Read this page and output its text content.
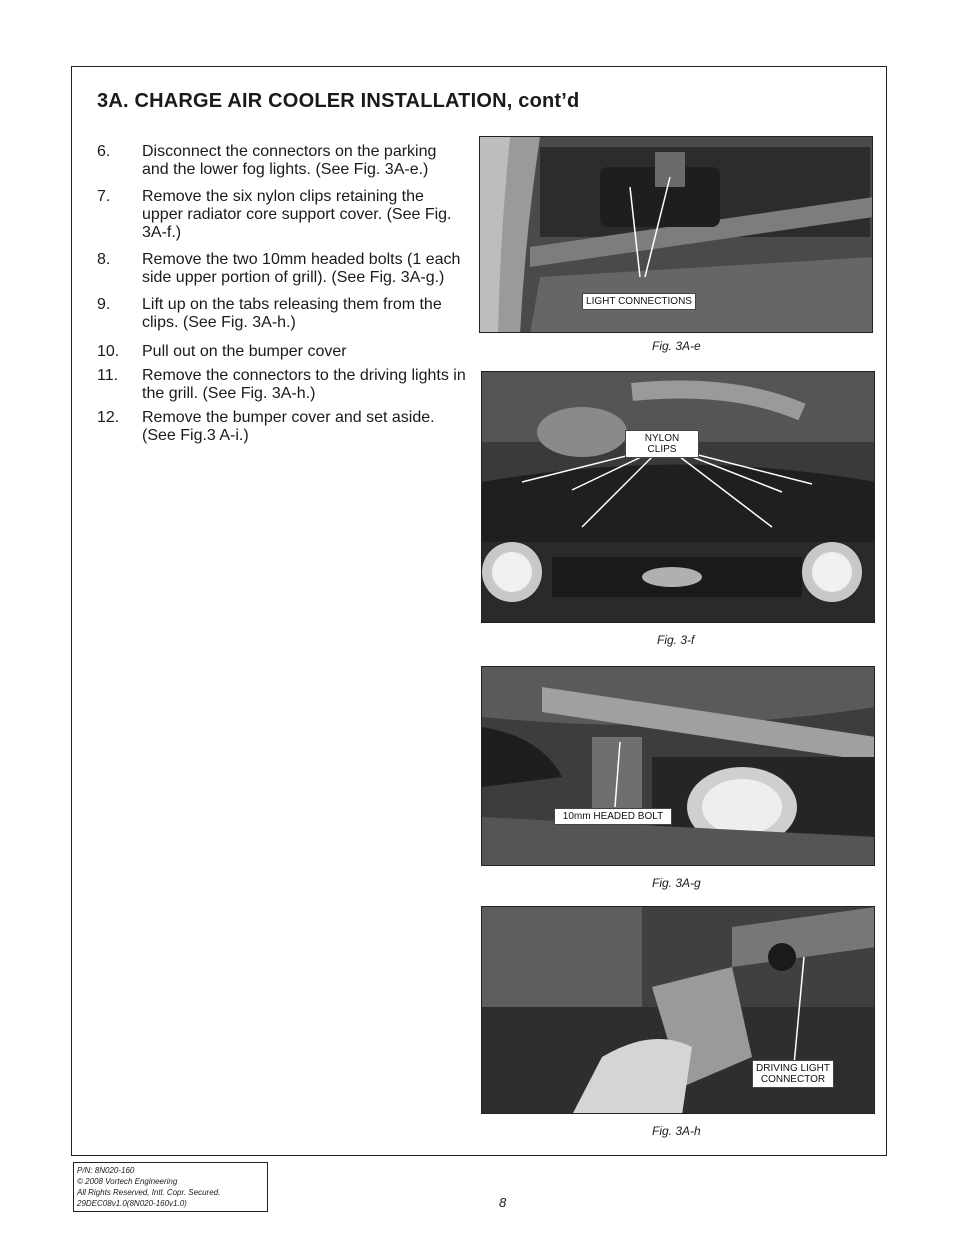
3A. CHARGE AIR COOLER INSTALLATION, cont’d
6. Disconnect the connectors on the parking and the lower fog lights. (See Fig. 3A-e.)
7. Remove the six nylon clips retaining the upper radiator core support cover. (See Fig. 3A-f.)
8. Remove the two 10mm headed bolts (1 each side upper portion of grill). (See Fig. 3A-g.)
9. Lift up on the tabs releasing them from the clips. (See Fig. 3A-h.)
10. Pull out on the bumper cover
11. Remove the connectors to the driving lights in the grill. (See Fig. 3A-h.)
12. Remove the bumper cover and set aside. (See Fig.3 A-i.)
LIGHT CONNECTIONS
Fig. 3A-e
NYLON CLIPS
Fig. 3-f
10mm HEADED BOLT
Fig. 3A-g
DRIVING LIGHT
CONNECTOR
Fig. 3A-h
P/N: 8N020-160
© 2008 Vortech Engineering
All Rights Reserved, Intl. Copr. Secured.
29DEC08v1.0(8N020-160v1.0)	8
